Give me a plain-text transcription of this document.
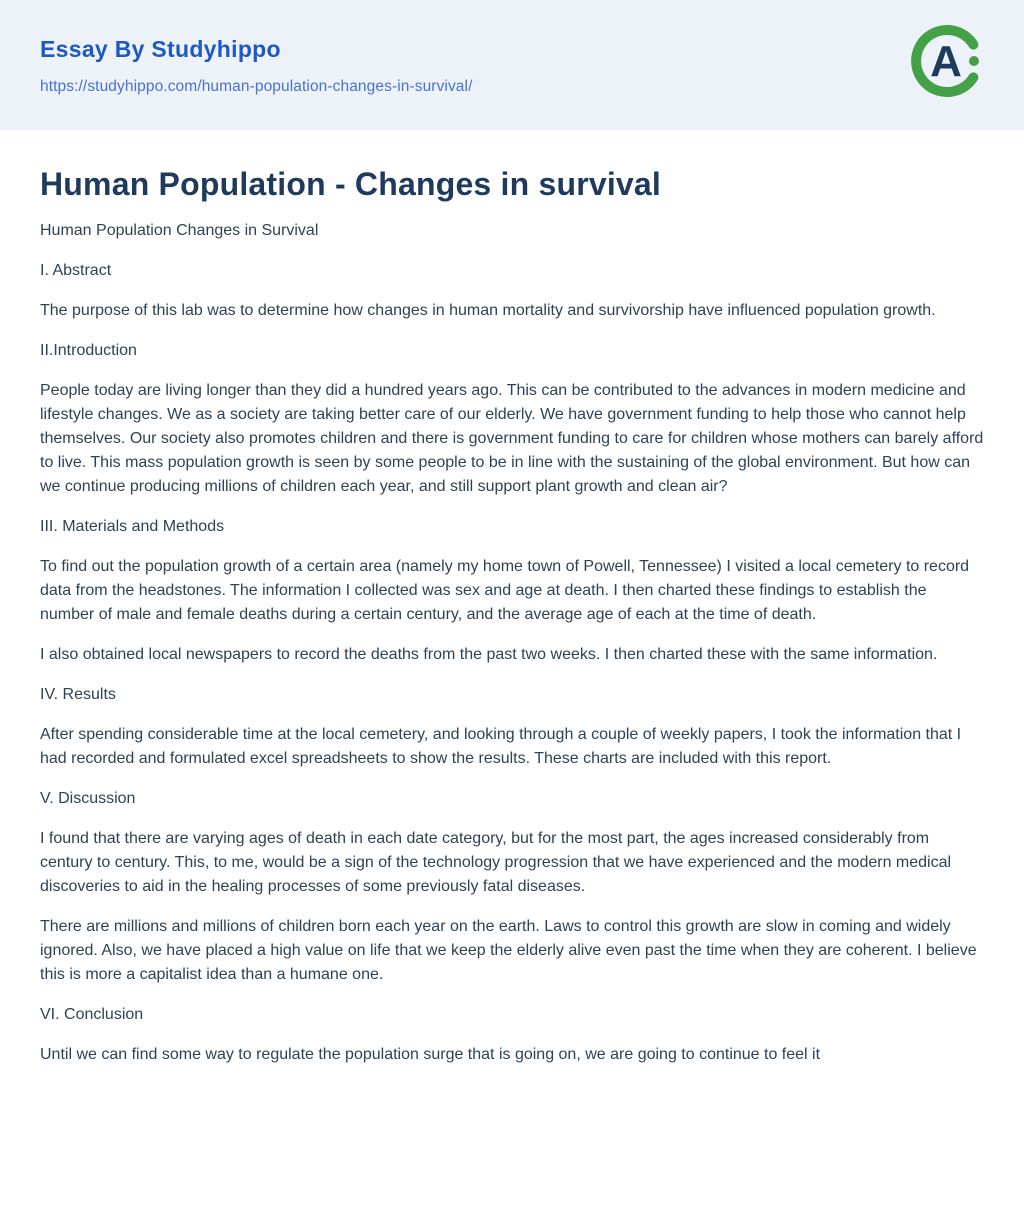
Essay By Studyhippo
https://studyhippo.com/human-population-changes-in-survival/
A
Human Population - Changes in survival

Human Population Changes in Survival

I. Abstract

The purpose of this lab was to determine how changes in human mortality and survivorship have influenced population growth.

II.Introduction

People today are living longer than they did a hundred years ago. This can be contributed to the advances in modern medicine and lifestyle changes. We as a society are taking better care of our elderly. We have government funding to help those who cannot help themselves. Our society also promotes children and there is government funding to care for children whose mothers can barely afford to live. This mass population growth is seen by some people to be in line with the sustaining of the global environment. But how can we continue producing millions of children each year, and still support plant growth and clean air?

III. Materials and Methods

To find out the population growth of a certain area (namely my home town of Powell, Tennessee) I visited a local cemetery to record data from the headstones. The information I collected was sex and age at death. I then charted these findings to establish the number of male and female deaths during a certain century, and the average age of each at the time of death.

I also obtained local newspapers to record the deaths from the past two weeks. I then charted these with the same information.

IV. Results

After spending considerable time at the local cemetery, and looking through a couple of weekly papers, I took the information that I had recorded and formulated excel spreadsheets to show the results. These charts are included with this report.

V. Discussion

I found that there are varying ages of death in each date category, but for the most part, the ages increased considerably from century to century. This, to me, would be a sign of the technology progression that we have experienced and the modern medical discoveries to aid in the healing processes of some previously fatal diseases.

There are millions and millions of children born each year on the earth. Laws to control this growth are slow in coming and widely ignored. Also, we have placed a high value on life that we keep the elderly alive even past the time when they are coherent. I believe this is more a capitalist idea than a humane one.

VI. Conclusion

Until we can find some way to regulate the population surge that is going on, we are going to continue to feel it
